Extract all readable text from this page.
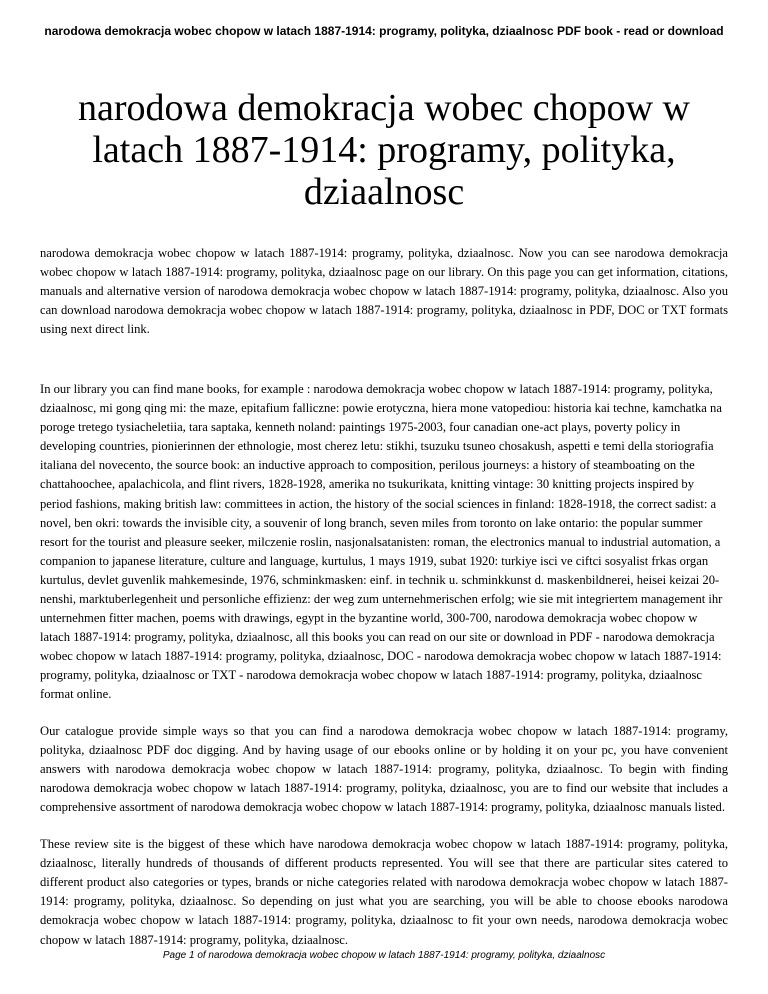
narodowa demokracja wobec chopow w latach 1887-1914: programy, polityka, dziaalnosc PDF book - read or download
narodowa demokracja wobec chopow w latach 1887-1914: programy, polityka, dziaalnosc

narodowa demokracja wobec chopow w latach 1887-1914: programy, polityka, dziaalnosc. Now you can see narodowa demokracja wobec chopow w latach 1887-1914: programy, polityka, dziaalnosc page on our library. On this page you can get information, citations, manuals and alternative version of narodowa demokracja wobec chopow w latach 1887-1914: programy, polityka, dziaalnosc. Also you can download narodowa demokracja wobec chopow w latach 1887-1914: programy, polityka, dziaalnosc in PDF, DOC or TXT formats using next direct link.

In our library you can find mane books, for example : narodowa demokracja wobec chopow w latach 1887-1914: programy, polityka, dziaalnosc, mi gong qing mi: the maze, epitafium falliczne: powie erotyczna, hiera mone vatopediou: historia kai techne, kamchatka na poroge tretego tysiacheletiia, tara saptaka, kenneth noland: paintings 1975-2003, four canadian one-act plays, poverty policy in developing countries, pionierinnen der ethnologie, most cherez letu: stikhi, tsuzuku tsuneo chosakush, aspetti e temi della storiografia italiana del novecento, the source book: an inductive approach to composition, perilous journeys: a history of steamboating on the chattahoochee, apalachicola, and flint rivers, 1828-1928, amerika no tsukurikata, knitting vintage: 30 knitting projects inspired by period fashions, making british law: committees in action, the history of the social sciences in finland: 1828-1918, the correct sadist: a novel, ben okri: towards the invisible city, a souvenir of long branch, seven miles from toronto on lake ontario: the popular summer resort for the tourist and pleasure seeker, milczenie roslin, nasjonalsatanisten: roman, the electronics manual to industrial automation, a companion to japanese literature, culture and language, kurtulus, 1 mays 1919, subat 1920: turkiye isci ve ciftci sosyalist frkas organ kurtulus, devlet guvenlik mahkemesinde, 1976, schminkmasken: einf. in technik u. schminkkunst d. maskenbildnerei, heisei keizai 20-nenshi, marktuberlegenheit und personliche effizienz: der weg zum unternehmerischen erfolg; wie sie mit integriertem management ihr unternehmen fitter machen, poems with drawings, egypt in the byzantine world, 300-700, narodowa demokracja wobec chopow w latach 1887-1914: programy, polityka, dziaalnosc, all this books you can read on our site or download in PDF - narodowa demokracja wobec chopow w latach 1887-1914: programy, polityka, dziaalnosc, DOC - narodowa demokracja wobec chopow w latach 1887-1914: programy, polityka, dziaalnosc or TXT - narodowa demokracja wobec chopow w latach 1887-1914: programy, polityka, dziaalnosc format online.

Our catalogue provide simple ways so that you can find a narodowa demokracja wobec chopow w latach 1887-1914: programy, polityka, dziaalnosc PDF doc digging. And by having usage of our ebooks online or by holding it on your pc, you have convenient answers with narodowa demokracja wobec chopow w latach 1887-1914: programy, polityka, dziaalnosc. To begin with finding narodowa demokracja wobec chopow w latach 1887-1914: programy, polityka, dziaalnosc, you are to find our website that includes a comprehensive assortment of narodowa demokracja wobec chopow w latach 1887-1914: programy, polityka, dziaalnosc manuals listed.

These review site is the biggest of these which have narodowa demokracja wobec chopow w latach 1887-1914: programy, polityka, dziaalnosc, literally hundreds of thousands of different products represented. You will see that there are particular sites catered to different product also categories or types, brands or niche categories related with narodowa demokracja wobec chopow w latach 1887-1914: programy, polityka, dziaalnosc. So depending on just what you are searching, you will be able to choose ebooks narodowa demokracja wobec chopow w latach 1887-1914: programy, polityka, dziaalnosc to fit your own needs, narodowa demokracja wobec chopow w latach 1887-1914: programy, polityka, dziaalnosc.

Page 1 of narodowa demokracja wobec chopow w latach 1887-1914: programy, polityka, dziaalnosc
